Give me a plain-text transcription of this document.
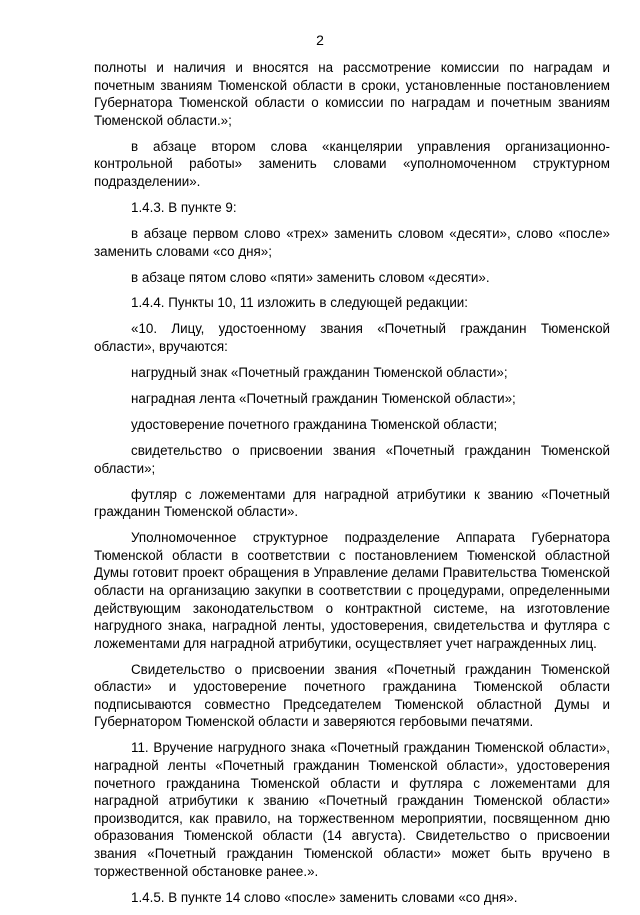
2

полноты и наличия и вносятся на рассмотрение комиссии по наградам и почетным званиям Тюменской области в сроки, установленные постановлением Губернатора Тюменской области о комиссии по наградам и почетным званиям Тюменской области.»;

в абзаце втором слова «канцелярии управления организационно-контрольной работы» заменить словами «уполномоченном структурном подразделении».

1.4.3. В пункте 9:

в абзаце первом слово «трех» заменить словом «десяти», слово «после» заменить словами «со дня»;

в абзаце пятом слово «пяти» заменить словом «десяти».

1.4.4. Пункты 10, 11 изложить в следующей редакции:

«10. Лицу, удостоенному звания «Почетный гражданин Тюменской области», вручаются:

нагрудный знак «Почетный гражданин Тюменской области»;

наградная лента «Почетный гражданин Тюменской области»;

удостоверение почетного гражданина Тюменской области;

свидетельство о присвоении звания «Почетный гражданин Тюменской области»;

футляр с ложементами для наградной атрибутики к званию «Почетный гражданин Тюменской области».

Уполномоченное структурное подразделение Аппарата Губернатора Тюменской области в соответствии с постановлением Тюменской областной Думы готовит проект обращения в Управление делами Правительства Тюменской области на организацию закупки в соответствии с процедурами, определенными действующим законодательством о контрактной системе, на изготовление нагрудного знака, наградной ленты, удостоверения, свидетельства и футляра с ложементами для наградной атрибутики, осуществляет учет награжденных лиц.

Свидетельство о присвоении звания «Почетный гражданин Тюменской области» и удостоверение почетного гражданина Тюменской области подписываются совместно Председателем Тюменской областной Думы и Губернатором Тюменской области и заверяются гербовыми печатями.

11. Вручение нагрудного знака «Почетный гражданин Тюменской области», наградной ленты «Почетный гражданин Тюменской области», удостоверения почетного гражданина Тюменской области и футляра с ложементами для наградной атрибутики к званию «Почетный гражданин Тюменской области» производится, как правило, на торжественном мероприятии, посвященном дню образования Тюменской области (14 августа). Свидетельство о присвоении звания «Почетный гражданин Тюменской области» может быть вручено в торжественной обстановке ранее.».

1.4.5. В пункте 14 слово «после» заменить словами «со дня».
